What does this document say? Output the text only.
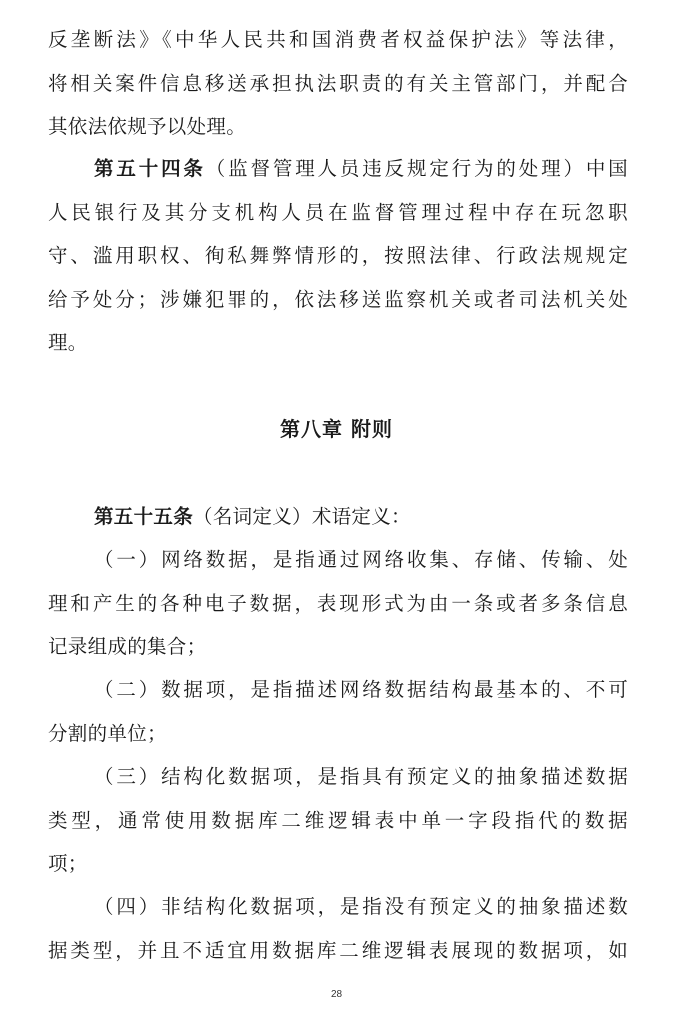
反垄断法》《中华人民共和国消费者权益保护法》等法律，
将相关案件信息移送承担执法职责的有关主管部门，并配合
其依法依规予以处理。
第五十四条（监督管理人员违反规定行为的处理）中国
人民银行及其分支机构人员在监督管理过程中存在玩忽职
守、滥用职权、徇私舞弊情形的，按照法律、行政法规规定
给予处分；涉嫌犯罪的，依法移送监察机关或者司法机关处
理。
第八章 附则
第五十五条（名词定义）术语定义：
（一）网络数据，是指通过网络收集、存储、传输、处
理和产生的各种电子数据，表现形式为由一条或者多条信息
记录组成的集合；
（二）数据项，是指描述网络数据结构最基本的、不可
分割的单位；
（三）结构化数据项，是指具有预定义的抽象描述数据
类型，通常使用数据库二维逻辑表中单一字段指代的数据
项；
（四）非结构化数据项，是指没有预定义的抽象描述数
据类型，并且不适宜用数据库二维逻辑表展现的数据项，如
28
